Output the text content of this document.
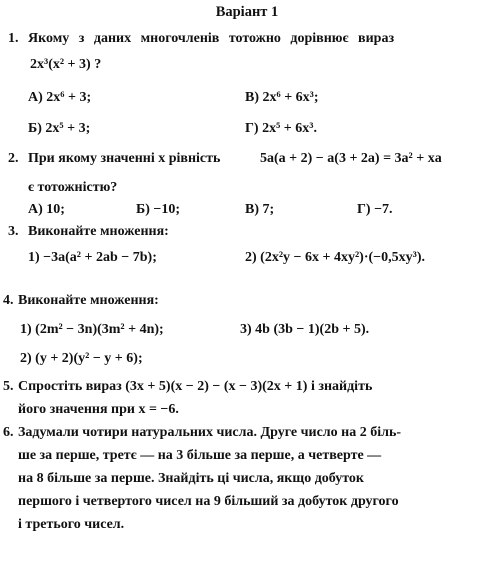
Варіант 1
1. Якому з даних многочленів тотожно дорівнює вираз
2x³(x² + 3) ?
А) 2x⁶ + 3;	В) 2x⁶ + 6x³;
Б) 2x⁵ + 3;	Г) 2x⁵ + 6x³.
2. При якому значенні x рівність	5a(a + 2) − a(3 + 2a) = 3a² + xa
є тотожністю?
А) 10;	Б) −10;	В) 7;	Г) −7.
3. Виконайте множення:
1) −3a(a² + 2ab − 7b);	2) (2x²y − 6x + 4xy²)·(−0,5xy³).
4. Виконайте множення:
1) (2m² − 3n)(3m² + 4n);	3) 4b (3b − 1)(2b + 5).
2) (y + 2)(y² − y + 6);
5. Спростіть вираз (3x + 5)(x − 2) − (x − 3)(2x + 1) і знайдіть
його значення при x = −6.
6. Задумали чотири натуральних числа. Друге число на 2 біль-
ше за перше, третє — на 3 більше за перше, а четверте —
на 8 більше за перше. Знайдіть ці числа, якщо добуток
першого і четвертого чисел на 9 більший за добуток другого
і третього чисел.
